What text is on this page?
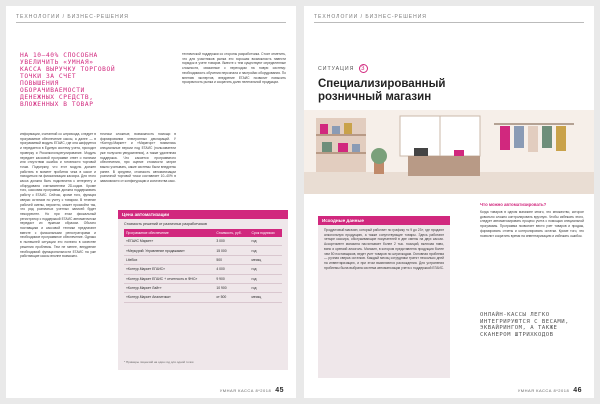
ТЕХНОЛОГИИ / БИЗНЕС-РЕШЕНИЯ
НА 10–40% СПОСОБНА УВЕЛИЧИТЬ «УМНАЯ» КАССА ВЫРУЧКУ ТОРГОВОЙ ТОЧКИ ЗА СЧЕТ ПОВЫШЕНИЯ ОБОРАЧИВАЕМОСТИ ДЕНЕЖНЫХ СРЕДСТВ, ВЛОЖЕННЫХ В ТОВАР
информации, считанной со штрихкода, следует в программное обеспечение кассы, а далее — в программный модуль ЕГАИС, где она шифруется и передается в Единую систему учета, проходит проверку и Росалкогольрегулирование. Модуль передает кассовой программе ответ о наличии или отсутствии ошибок и готовности торговой точки. Подчеркну, что этот модуль должен работать в момент пробития чека в кассе и находиться на фискализации кассира. Для этого касса должна быть подключена к интернету и оборудована считывателем 2D-кодов. Кроме того, кассовая программа должна поддерживать работу с ЕГАИС. Сейчас, кроме того, функция сверки остатков по учету с товаром. В течение рабочей смены, вероятно, может произойти так, что ряд розничных учетных записей будет некорректен. Но при этом фискальный регистратор с поддержкой ЕГАИС автоматически передаст их нужным образом. Обычно поставщики и кассовой техники предлагают вместе с фискальными регистраторами и необходимое программное обеспечение. Однако в нынешней ситуации это полезно в качестве решения проблемы. Тем не менее, внедрение необходимой функциональности ЕГАИС на уже работающие кассы вполне возможно.
тически сложные, возможность помощи в формировании электронных деклараций. У «Контур.Маркет» и «Мираторг» появились специальные версии под ЕГАИС (пользователи уже получили уведомления), а также удаленная поддержка. Что касается программного обеспечения, при оценке стоимости затрат важно учитывать, какие системы были внедрены ранее. В среднем, стоимость автоматизации розничной торговой точки составляет 10–40% в зависимости от конфигурации и количества касс.
технической поддержки со стороны разработчика. Стоит отметить, что для участников рынка это хорошая возможность навести порядок в учете товаров. Вместе с тем существуют определенные сложности, связанные с переходом на новую систему: необходимость обучения персонала и настройки оборудования. По мнению экспертов, внедрение ЕГАИС позволит повысить прозрачность рынка и сократить долю нелегальной продукции.
Цена автоматизации
Стоимость решений от различных разработчиков
Программное обеспечение	Стоимость, руб.	Срок подписки
«ЕГАИС Маркет»	3 000	год
«Меркурий: Управление продажами»	15 000	год
LiteBox	500	месяц
«Контур.Маркет ЕГАИС»	4 000	год
«Контур.Маркет ЕГАИС + отчетность в ФНС»	9 900	год
«Контур.Маркет Лайт»	10 900	год
«Контур.Маркет Аналитика»	от 500	месяц
* Примеры лицензий на один год для одной точки
УМНАЯ КАССА 8*2018 45
ТЕХНОЛОГИИ / БИЗНЕС-РЕШЕНИЯ
СИТУАЦИЯ 3
Специализированный розничный магазин
Исходные данные
Продуктовый магазин, который работает по графику «с 9 до 23», где продают алкогольную продукцию, а также сопутствующие товары. Здесь работают четыре кассира, обслуживающие покупателей в две смены на двух кассах. Ассортимент магазина насчитывает более 2 тыс. позиций, включая пиво, вино и крепкий алкоголь. Магазин, в котором представлена продукция более чем 50 поставщиков, ведет учет товаров по штрихкодам. Основная проблема — ручная сверка остатков. Каждый месяц сотрудники тратят несколько дней на инвентаризацию, и при этом выявляются расхождения. Для устранения проблемы была выбрана система автоматизации учета с поддержкой ЕГАИС.
Что можно автоматизировать?
Когда товаров в одном магазине много, это множество, которое довольно сложно контролировать вручную. Чтобы избежать этого, следует автоматизировать процесс учета с помощью специальной программы. Программа позволяет вести учет товаров и продаж, формировать отчеты и контролировать остатки. Кроме того, это позволит сократить время на инвентаризацию и избежать ошибок.
ОНЛАЙН-КАССЫ ЛЕГКО ИНТЕГРИРУЮТСЯ С ВЕСАМИ, ЭКВАЙРИНГОМ, А ТАКЖЕ СКАНЕРОМ ШТРИХКОДОВ
УМНАЯ КАССА 8*2018 46
